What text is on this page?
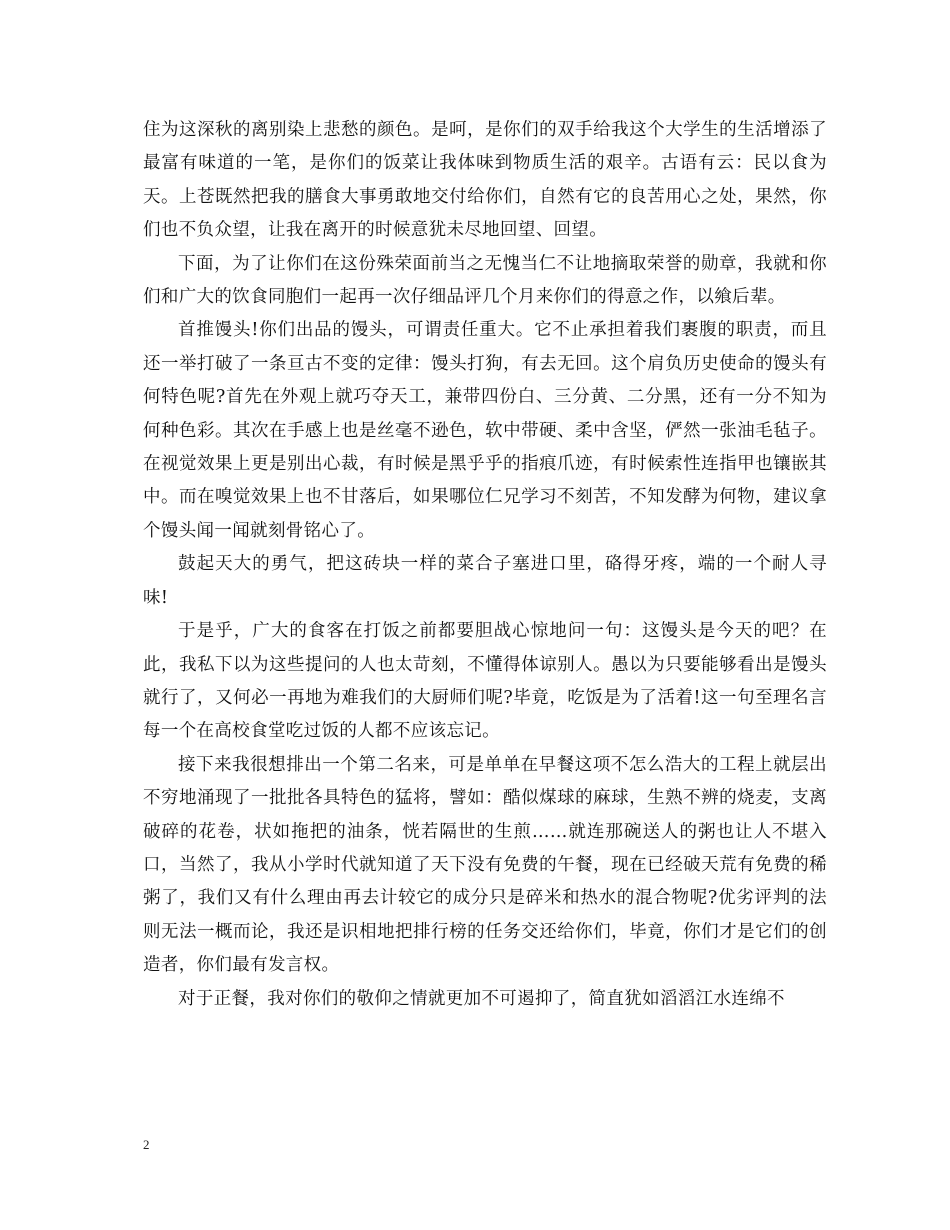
住为这深秋的离别染上悲愁的颜色。是呵，是你们的双手给我这个大学生的生活增添了最富有味道的一笔，是你们的饭菜让我体味到物质生活的艰辛。古语有云：民以食为天。上苍既然把我的膳食大事勇敢地交付给你们，自然有它的良苦用心之处，果然，你们也不负众望，让我在离开的时候意犹未尽地回望、回望。

下面，为了让你们在这份殊荣面前当之无愧当仁不让地摘取荣誉的勋章，我就和你们和广大的饮食同胞们一起再一次仔细品评几个月来你们的得意之作，以飨后辈。

首推馒头!你们出品的馒头，可谓责任重大。它不止承担着我们裹腹的职责，而且还一举打破了一条亘古不变的定律：馒头打狗，有去无回。这个肩负历史使命的馒头有何特色呢?首先在外观上就巧夺天工，兼带四份白、三分黄、二分黑，还有一分不知为何种色彩。其次在手感上也是丝毫不逊色，软中带硬、柔中含坚，俨然一张油毛毡子。在视觉效果上更是别出心裁，有时候是黑乎乎的指痕爪迹，有时候索性连指甲也镶嵌其中。而在嗅觉效果上也不甘落后，如果哪位仁兄学习不刻苦，不知发酵为何物，建议拿个馒头闻一闻就刻骨铭心了。

鼓起天大的勇气，把这砖块一样的菜合子塞进口里，硌得牙疼，端的一个耐人寻味!

于是乎，广大的食客在打饭之前都要胆战心惊地问一句：这馒头是今天的吧？在此，我私下以为这些提问的人也太苛刻，不懂得体谅别人。愚以为只要能够看出是馒头就行了，又何必一再地为难我们的大厨师们呢?毕竟，吃饭是为了活着!这一句至理名言每一个在高校食堂吃过饭的人都不应该忘记。

接下来我很想排出一个第二名来，可是单单在早餐这项不怎么浩大的工程上就层出不穷地涌现了一批批各具特色的猛将，譬如：酷似煤球的麻球，生熟不辨的烧麦，支离破碎的花卷，状如拖把的油条，恍若隔世的生煎……就连那碗送人的粥也让人不堪入口，当然了，我从小学时代就知道了天下没有免费的午餐，现在已经破天荒有免费的稀粥了，我们又有什么理由再去计较它的成分只是碎米和热水的混合物呢?优劣评判的法则无法一概而论，我还是识相地把排行榜的任务交还给你们，毕竟，你们才是它们的创造者，你们最有发言权。

对于正餐，我对你们的敬仰之情就更加不可遏抑了，简直犹如滔滔江水连绵不

2
